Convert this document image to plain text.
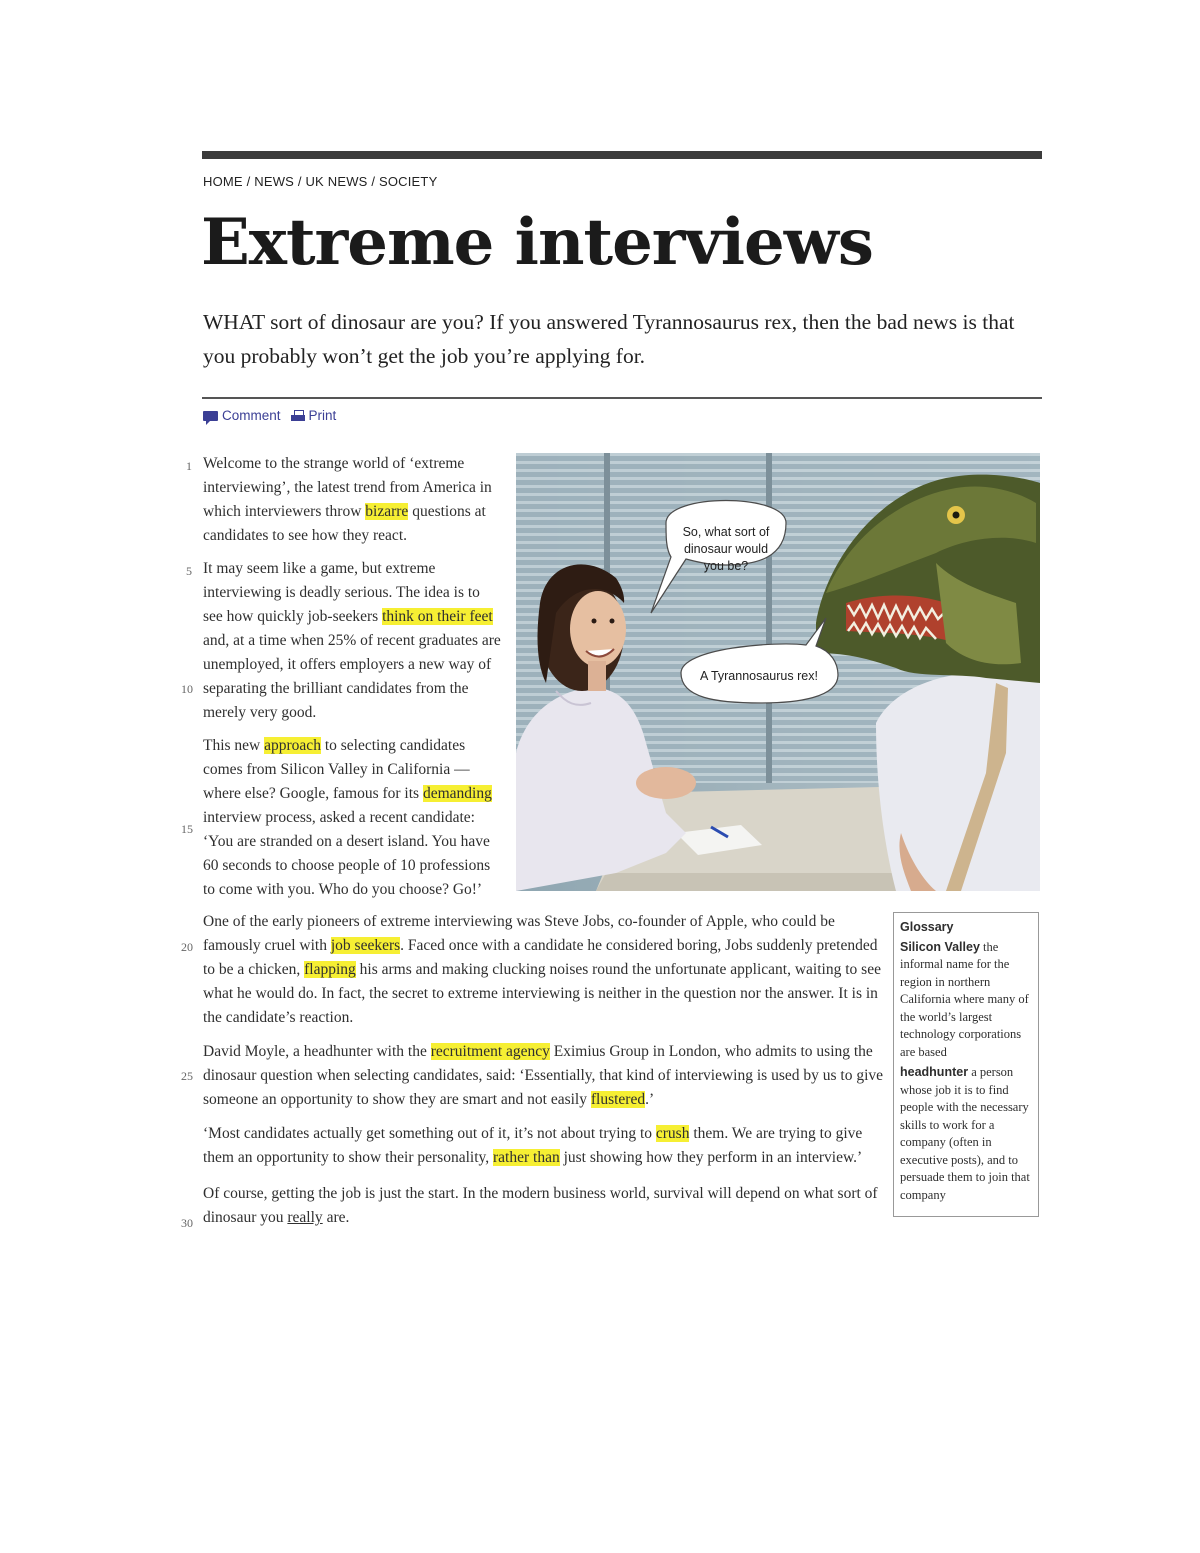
HOME / NEWS / UK NEWS / SOCIETY
Extreme interviews

WHAT sort of dinosaur are you? If you answered Tyrannosaurus rex, then the bad news is that you probably won’t get the job you’re applying for.

Comment Print
1
5
10
15
20
25
30

Welcome to the strange world of ‘extreme interviewing’, the latest trend from America in which interviewers throw bizarre questions at candidates to see how they react.

It may seem like a game, but extreme interviewing is deadly serious. The idea is to see how quickly job-seekers think on their feet and, at a time when 25% of recent graduates are unemployed, it offers employers a new way of separating the brilliant candidates from the merely very good.

This new approach to selecting candidates comes from Silicon Valley in California — where else? Google, famous for its demanding interview process, asked a recent candidate: ‘You are stranded on a desert island. You have 60 seconds to choose people of 10 professions to come with you. Who do you choose? Go!’

So, what sort of
dinosaur would
you be?
A Tyrannosaurus rex!

One of the early pioneers of extreme interviewing was Steve Jobs, co-founder of Apple, who could be famously cruel with job seekers. Faced once with a candidate he considered boring, Jobs suddenly pretended to be a chicken, flapping his arms and making clucking noises round the unfortunate applicant, waiting to see what he would do. In fact, the secret to extreme interviewing is neither in the question nor the answer. It is in the candidate’s reaction.

David Moyle, a headhunter with the recruitment agency Eximius Group in London, who admits to using the dinosaur question when selecting candidates, said: ‘Essentially, that kind of interviewing is used by us to give someone an opportunity to show they are smart and not easily flustered.’

‘Most candidates actually get something out of it, it’s not about trying to crush them. We are trying to give them an opportunity to show their personality, rather than just showing how they perform in an interview.’

Of course, getting the job is just the start. In the modern business world, survival will depend on what sort of dinosaur you really are.

Glossary

Silicon Valley the informal name for the region in northern California where many of the world’s largest technology corporations are based

headhunter a person whose job it is to find people with the necessary skills to work for a company (often in executive posts), and to persuade them to join that company
